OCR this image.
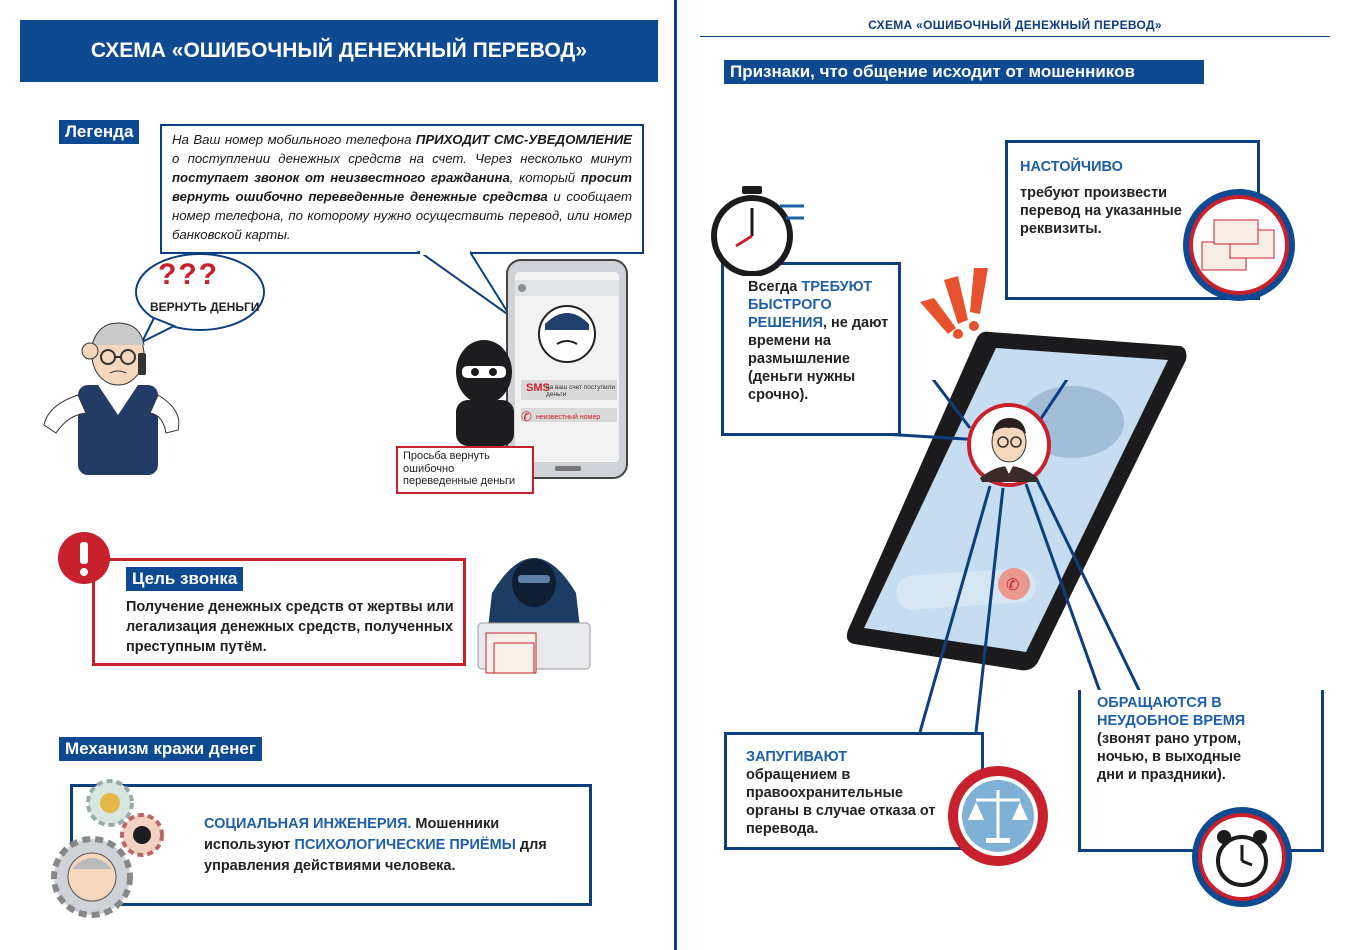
СХЕМА «ОШИБОЧНЫЙ ДЕНЕЖНЫЙ ПЕРЕВОД»
Легенда	На Ваш номер мобильного телефона ПРИХОДИТ СМС-УВЕДОМЛЕНИЕ о поступлении денежных средств на счет. Через несколько минут поступает звонок от неизвестного гражданина, который просит вернуть ошибочно переведенные денежные средства и сообщает номер телефона, по которому нужно осуществить перевод, или номер банковской карты.
???
ВЕРНУТЬ ДЕНЬГИ
SMS
на ваш счет поступили деньги
✆ неизвестный номер
Просьба вернуть ошибочно переведенные деньги
Цель звонка
Получение денежных средств от жертвы или легализация денежных средств, полученных преступным путём.
Механизм кражи денег
СОЦИАЛЬНАЯ ИНЖЕНЕРИЯ. Мошенники используют ПСИХОЛОГИЧЕСКИЕ ПРИЁМЫ для управления действиями человека.
СХЕМА «ОШИБОЧНЫЙ ДЕНЕЖНЫЙ ПЕРЕВОД»
Признаки, что общение исходит от мошенников
✆
Всегда ТРЕБУЮТ БЫСТРОГО РЕШЕНИЯ, не дают времени на размышление (деньги нужны срочно).
НАСТОЙЧИВО
требуют произвести перевод на указанные реквизиты.
ЗАПУГИВАЮТ
обращением в правоохранительные органы в случае отказа от перевода.
ОБРАЩАЮТСЯ В НЕУДОБНОЕ ВРЕМЯ
(звонят рано утром, ночью, в выходные дни и праздники).
